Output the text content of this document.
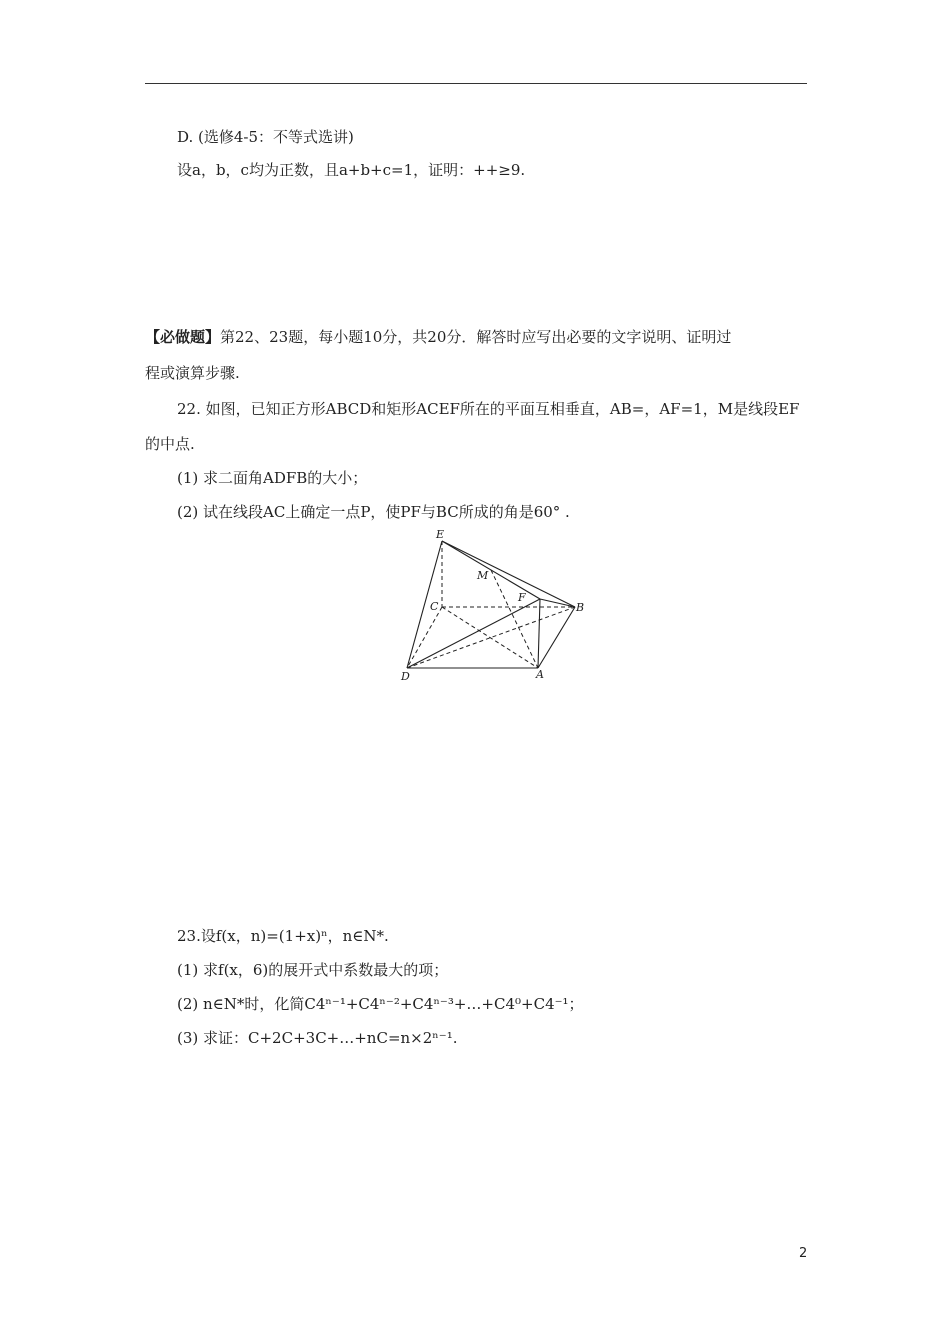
D. (选修4-5：不等式选讲)
设a，b，c均为正数，且a+b+c=1，证明：++≥9.
【必做题】第22、23题，每小题10分，共20分．解答时应写出必要的文字说明、证明过
程或演算步骤.
22. 如图，已知正方形ABCD和矩形ACEF所在的平面互相垂直，AB=，AF=1，M是线段EF
的中点.
(1) 求二面角ADFB的大小；
(2) 试在线段AC上确定一点P，使PF与BC所成的角是60° .
E
M
C
F
B
D	A
23.设f(x，n)=(1+x)ⁿ，n∈N*.
(1) 求f(x，6)的展开式中系数最大的项；
(2) n∈N*时，化简C4ⁿ⁻¹+C4ⁿ⁻²+C4ⁿ⁻³+…+C4⁰+C4⁻¹；
(3) 求证：C+2C+3C+…+nC=n×2ⁿ⁻¹.
2
